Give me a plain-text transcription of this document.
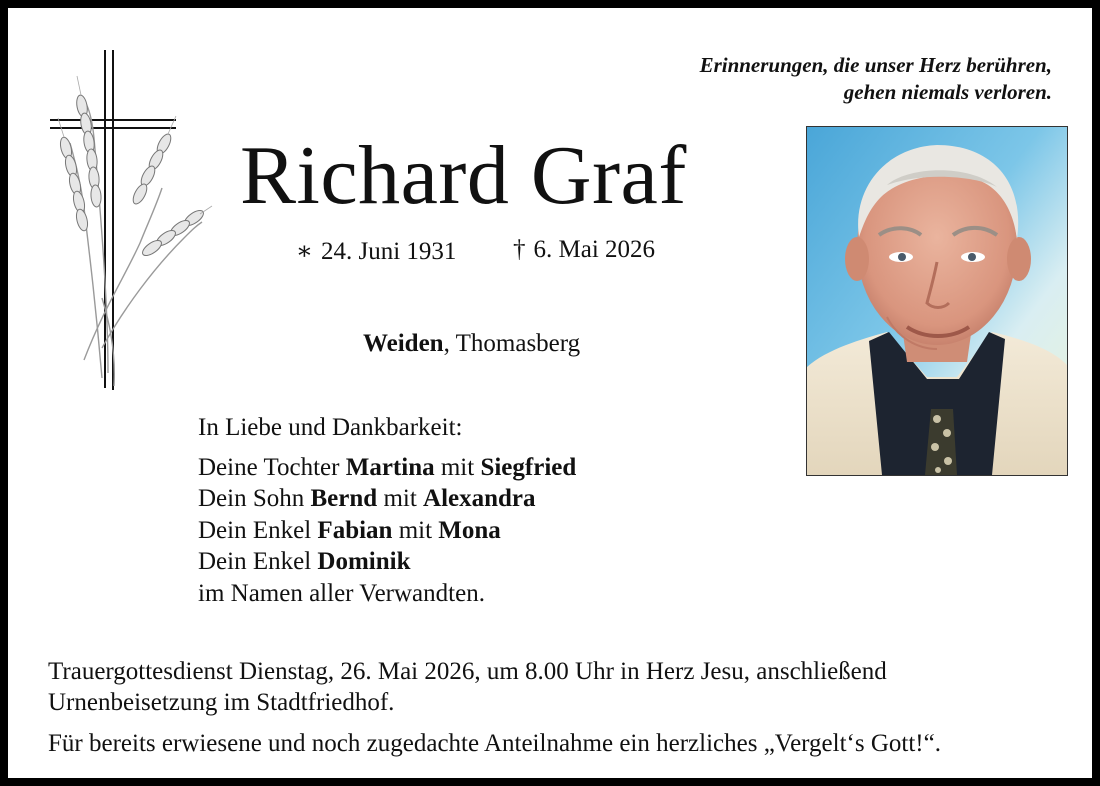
Erinnerungen, die unser Herz berühren,
gehen niemals verloren.
Richard Graf
∗ 24. Juni 1931 † 6. Mai 2026
Weiden, Thomasberg
In Liebe und Dankbarkeit:
Deine Tochter Martina mit Siegfried
Dein Sohn Bernd mit Alexandra
Dein Enkel Fabian mit Mona
Dein Enkel Dominik
im Namen aller Verwandten.
Trauergottesdienst Dienstag, 26. Mai 2026, um 8.00 Uhr in Herz Jesu, anschließend
Urnenbeisetzung im Stadtfriedhof.
Für bereits erwiesene und noch zugedachte Anteilnahme ein herzliches „Vergelt‘s Gott!“.
